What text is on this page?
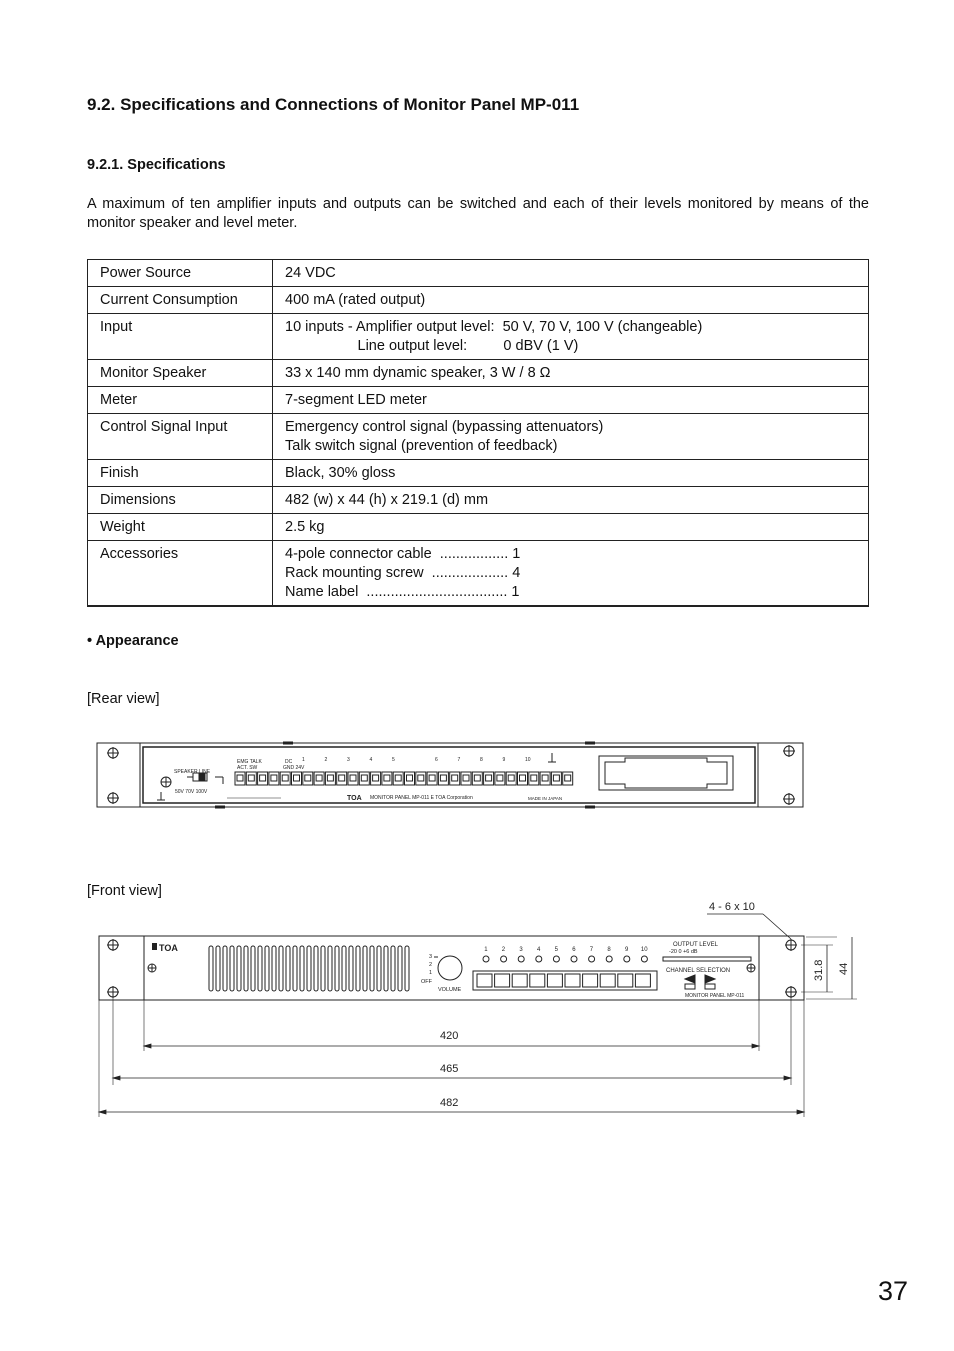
9.2. Specifications and Connections of Monitor Panel MP-011
9.2.1. Specifications
A maximum of ten amplifier inputs and outputs can be switched and each of their levels monitored by means of the monitor speaker and level meter.
Power Source	24 VDC

Current Consumption	400 mA (rated output)

Input	10 inputs - Amplifier output level:  50 V, 70 V, 100 V (changeable)
Line output level:         0 dBV (1 V)

Monitor Speaker	33 x 140 mm dynamic speaker, 3 W / 8 Ω

Meter	7-segment LED meter

Control Signal Input	Emergency control signal (bypassing attenuators)
Talk switch signal (prevention of feedback)

Finish	Black, 30% gloss

Dimensions	482 (w) x 44 (h) x 219.1 (d) mm

Weight	2.5 kg

Accessories	4-pole connector cable  ................. 1
Rack mounting screw  ................... 4
Name label  ................................... 1
• Appearance
[Rear view]
SPEAKER LINE
50V 70V 100V
EMG TALK
ACT. SW
DC
GND 24V
MONITOR PANEL MP-011 E TOA Corporation	MADE IN JAPAN
TOA
1	2	3	4	5	6	7	8	9	10
[Front view]
TOA
VOLUME
3
2
1
OFF
OUTPUT LEVEL
-20 0 +6 dB
CHANNEL SELECTION
MONITOR PANEL MP-011
1 2 3 4 5 6 7 8 9 10
4 - 6 x 10
31.8 44
420
465
482
37
